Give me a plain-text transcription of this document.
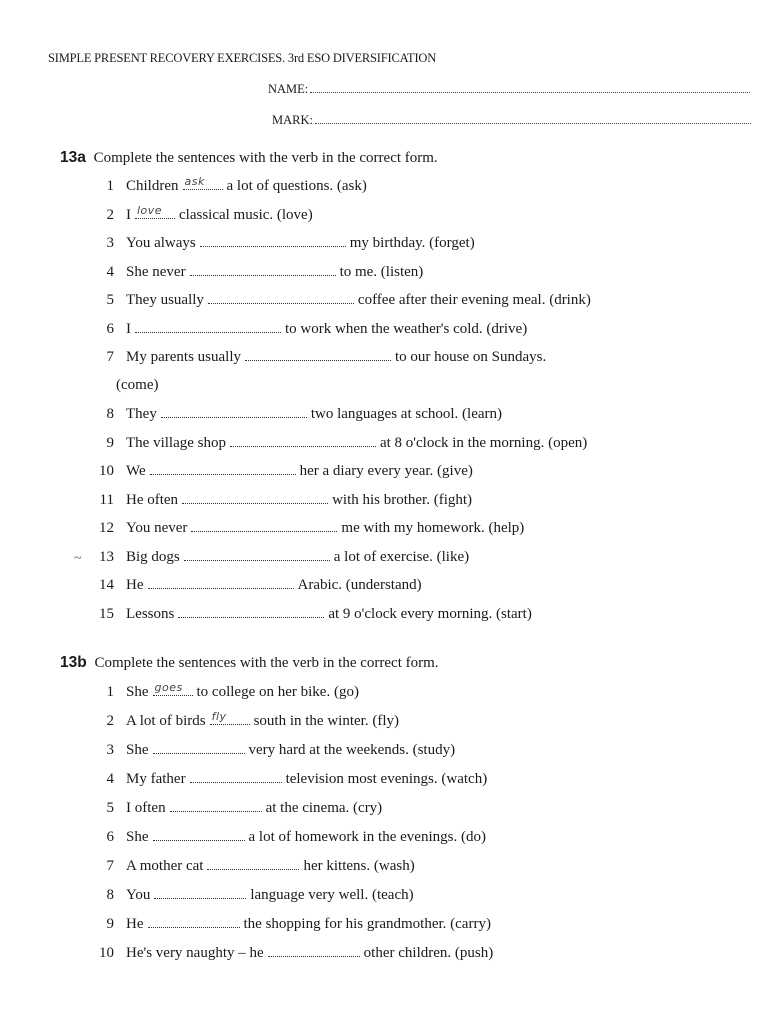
SIMPLE PRESENT RECOVERY EXERCISES. 3rd ESO DIVERSIFICATION
NAME:
MARK:
13a Complete the sentences with the verb in the correct form.
1 Children ask a lot of questions. (ask)
2 I love classical music. (love)
3 You always	my birthday. (forget)
4 She never	to me. (listen)
5 They usually	coffee after their evening meal. (drink)
6 I	to work when the weather's cold. (drive)
7 My parents usually	to our house on Sundays.
(come)
8 They	two languages at school. (learn)
9 The village shop	at 8 o'clock in the morning. (open)
10 We	her a diary every year. (give)
11 He often	with his brother. (fight)
12 You never	me with my homework. (help)
13 Big dogs	a lot of exercise. (like)
14 He	Arabic. (understand)
15 Lessons	at 9 o'clock every morning. (start)
~
13b Complete the sentences with the verb in the correct form.
1 She goes to college on her bike. (go)
2 A lot of birds fly south in the winter. (fly)
3 She	very hard at the weekends. (study)
4 My father	television most evenings. (watch)
5 I often	at the cinema. (cry)
6 She	a lot of homework in the evenings. (do)
7 A mother cat	her kittens. (wash)
8 You	language very well. (teach)
9 He	the shopping for his grandmother. (carry)
10 He's very naughty – he	other children. (push)
